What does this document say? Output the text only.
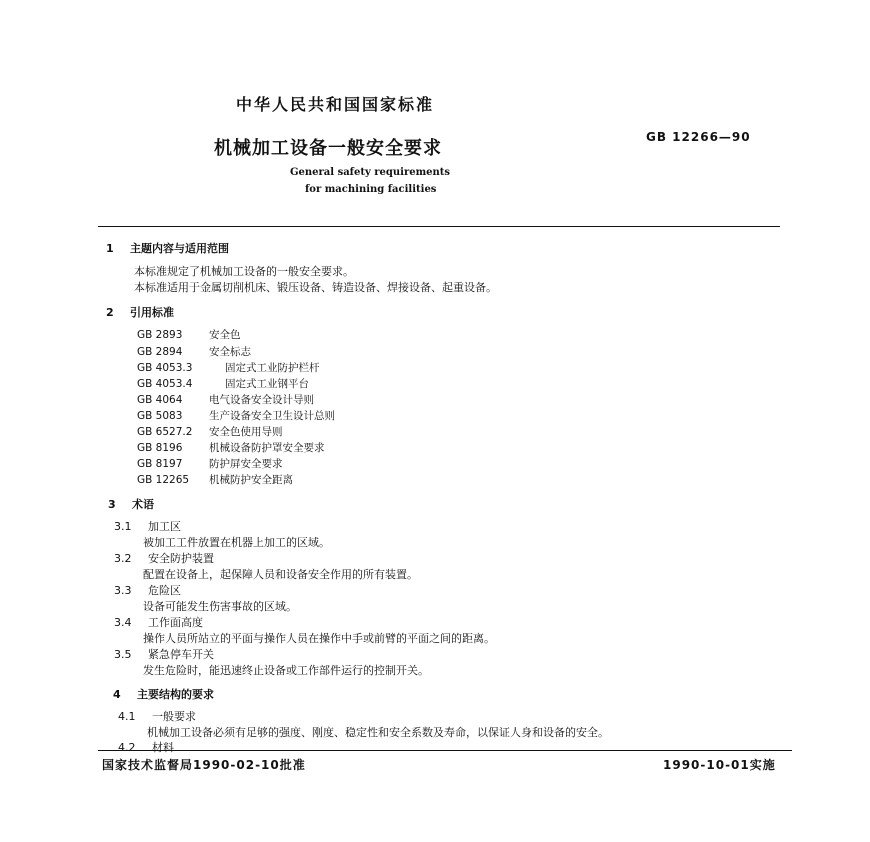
中华人民共和国国家标准
机械加工设备一般安全要求
GB 12266—90
General safety requirements
for machining facilities
1 主题内容与适用范围
本标准规定了机械加工设备的一般安全要求。
本标准适用于金属切削机床、锻压设备、铸造设备、焊接设备、起重设备。
2 引用标准
GB 2893	安全色
GB 2894	安全标志
GB 4053.3	固定式工业防护栏杆
GB 4053.4	固定式工业钢平台
GB 4064	电气设备安全设计导则
GB 5083	生产设备安全卫生设计总则
GB 6527.2 安全色使用导则
GB 8196	机械设备防护罩安全要求
GB 8197	防护屏安全要求
GB 12265 机械防护安全距离
3 术语
3.1 加工区
被加工工件放置在机器上加工的区域。
3.2 安全防护装置
配置在设备上，起保障人员和设备安全作用的所有装置。
3.3 危险区
设备可能发生伤害事故的区域。
3.4 工作面高度
操作人员所站立的平面与操作人员在操作中手或前臂的平面之间的距离。
3.5 紧急停车开关
发生危险时，能迅速终止设备或工作部件运行的控制开关。
4 主要结构的要求
4.1 一般要求
机械加工设备必须有足够的强度、刚度、稳定性和安全系数及寿命，以保证人身和设备的安全。
4.2 材料
国家技术监督局1990-02-10批准	1990-10-01实施
